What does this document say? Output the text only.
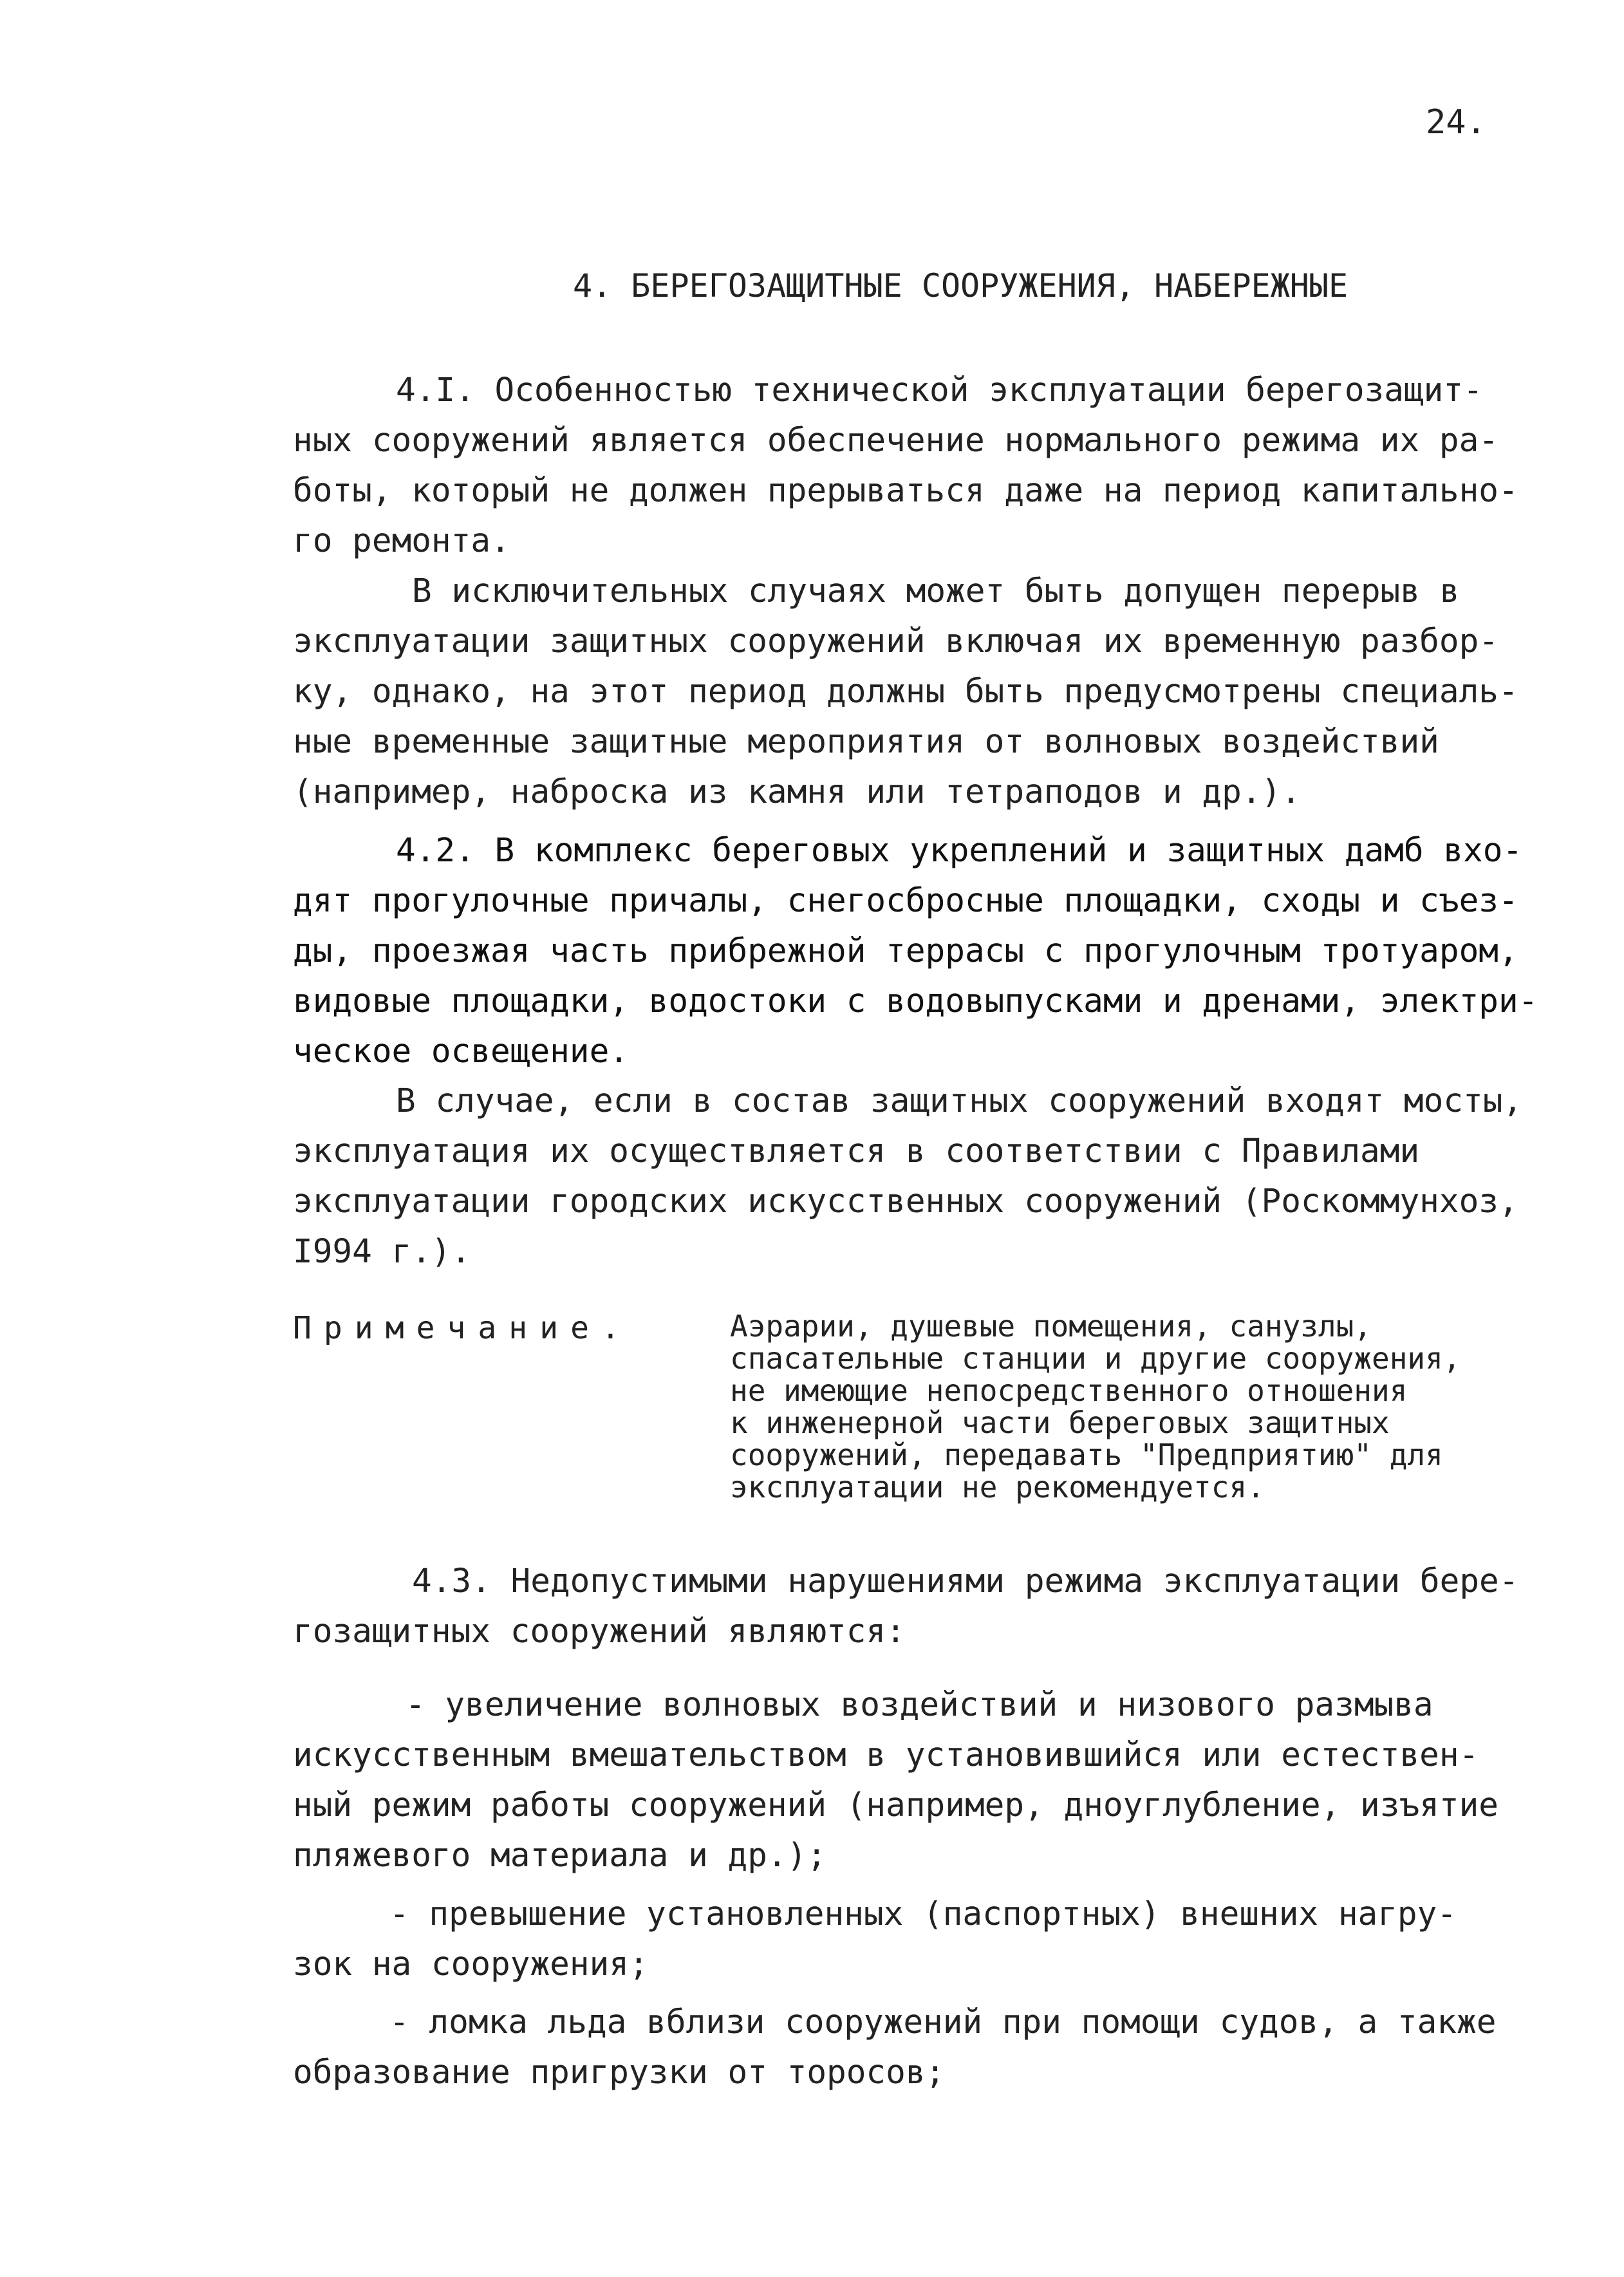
24.
4. БЕРЕГОЗАЩИТНЫЕ СООРУЖЕНИЯ, НАБЕРЕЖНЫЕ
4.I. Особенностью технической эксплуатации берегозащит-
ных сооружений является обеспечение нормального режима их ра-
боты, который не должен прерываться даже на период капитально-
го ремонта.
В исключительных случаях может быть допущен перерыв в
эксплуатации защитных сооружений включая их временную разбор-
ку, однако, на этот период должны быть предусмотрены специаль-
ные временные защитные мероприятия от волновых воздействий
(например, наброска из камня или тетраподов и др.).
4.2. В комплекс береговых укреплений и защитных дамб вхо-
дят прогулочные причалы, снегосбросные площадки, сходы и съез-
ды, проезжая часть прибрежной террасы с прогулочным тротуаром,
видовые площадки, водостоки с водовыпусками и дренами, электри-
ческое освещение.
В случае, если в состав защитных сооружений входят мосты,
эксплуатация их осуществляется в соответствии с Правилами
эксплуатации городских искусственных сооружений (Роскоммунхоз,
I994 г.).
Примечание.	Аэрарии, душевые помещения, санузлы,
спасательные станции и другие сооружения,
не имеющие непосредственного отношения
к инженерной части береговых защитных
сооружений, передавать "Предприятию" для
эксплуатации не рекомендуется.
4.3. Недопустимыми нарушениями режима эксплуатации бере-
гозащитных сооружений являются:
- увеличение волновых воздействий и низового размыва
искусственным вмешательством в установившийся или естествен-
ный режим работы сооружений (например, дноуглубление, изъятие
пляжевого материала и др.);
- превышение установленных (паспортных) внешних нагру-
зок на сооружения;
- ломка льда вблизи сооружений при помощи судов, а также
образование пригрузки от торосов;
